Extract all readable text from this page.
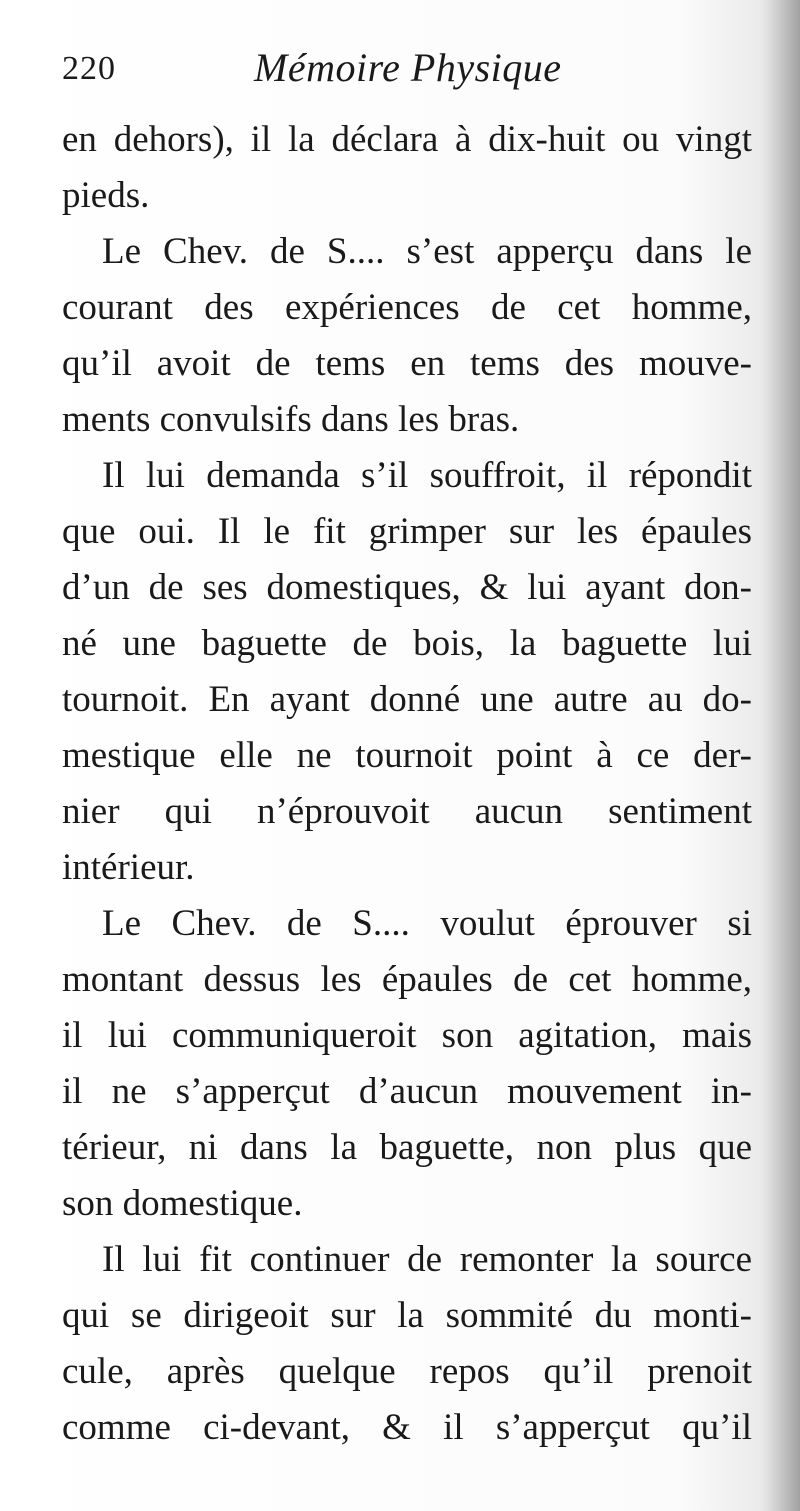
220	Mémoire Physique
en dehors), il la déclara à dix-huit ou vingt
pieds.
Le Chev. de S.... s’est apperçu dans le
courant des expériences de cet homme,
qu’il avoit de tems en tems des mouve-
ments convulsifs dans les bras.
Il lui demanda s’il souffroit, il répondit
que oui. Il le fit grimper sur les épaules
d’un de ses domestiques, & lui ayant don-
né une baguette de bois, la baguette lui
tournoit. En ayant donné une autre au do-
mestique elle ne tournoit point à ce der-
nier qui n’éprouvoit aucun sentiment
intérieur.
Le Chev. de S.... voulut éprouver si
montant dessus les épaules de cet homme,
il lui communiqueroit son agitation, mais
il ne s’apperçut d’aucun mouvement in-
térieur, ni dans la baguette, non plus que
son domestique.
Il lui fit continuer de remonter la source
qui se dirigeoit sur la sommité du monti-
cule, après quelque repos qu’il prenoit
comme ci-devant, & il s’apperçut qu’il
